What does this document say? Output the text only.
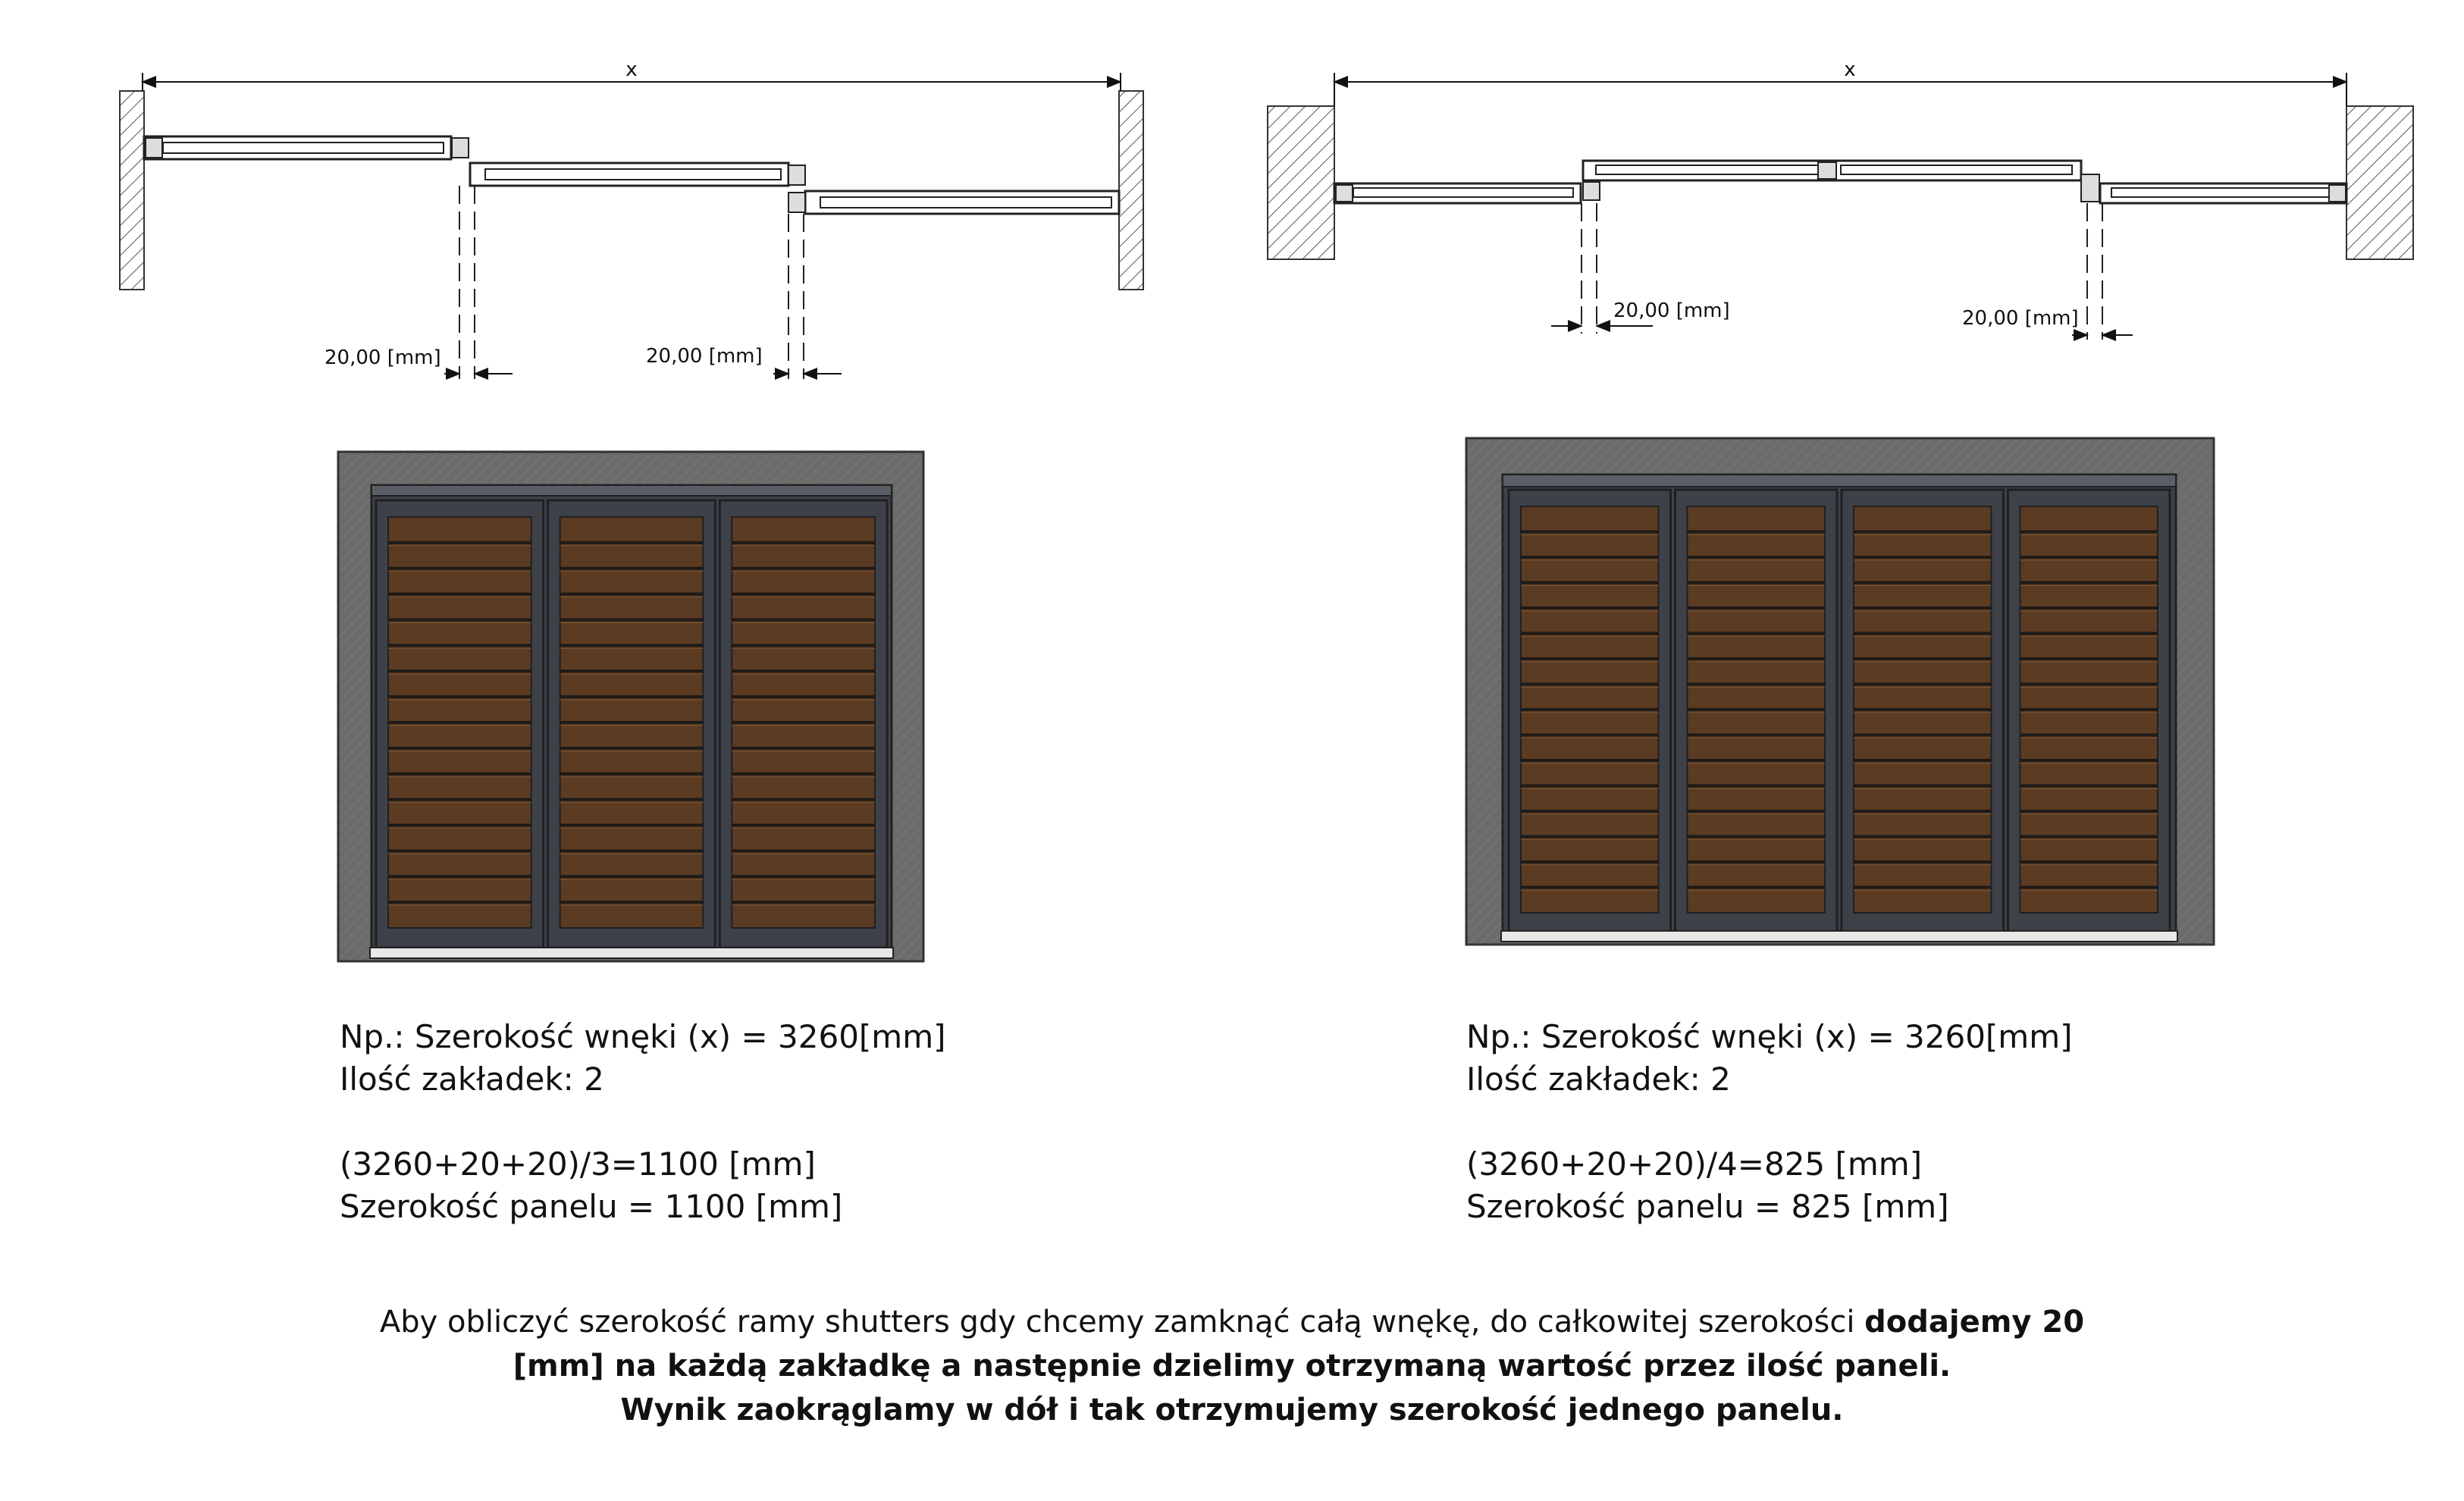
x
20,00 [mm]	20,00 [mm]
x
20,00 [mm]	20,00 [mm]

Np.: Szerokość wnęki (x) = 3260[mm]

Ilość zakładek: 2

(3260+20+20)/3=1100 [mm]

Szerokość panelu = 1100 [mm]

Np.: Szerokość wnęki (x) = 3260[mm]

Ilość zakładek: 2

(3260+20+20)/4=825 [mm]

Szerokość panelu = 825 [mm]

Aby obliczyć szerokość ramy shutters gdy chcemy zamknąć całą wnękę, do całkowitej szerokości dodajemy 20
[mm] na każdą zakładkę a następnie dzielimy otrzymaną wartość przez ilość paneli.
Wynik zaokrąglamy w dół i tak otrzymujemy szerokość jednego panelu.
